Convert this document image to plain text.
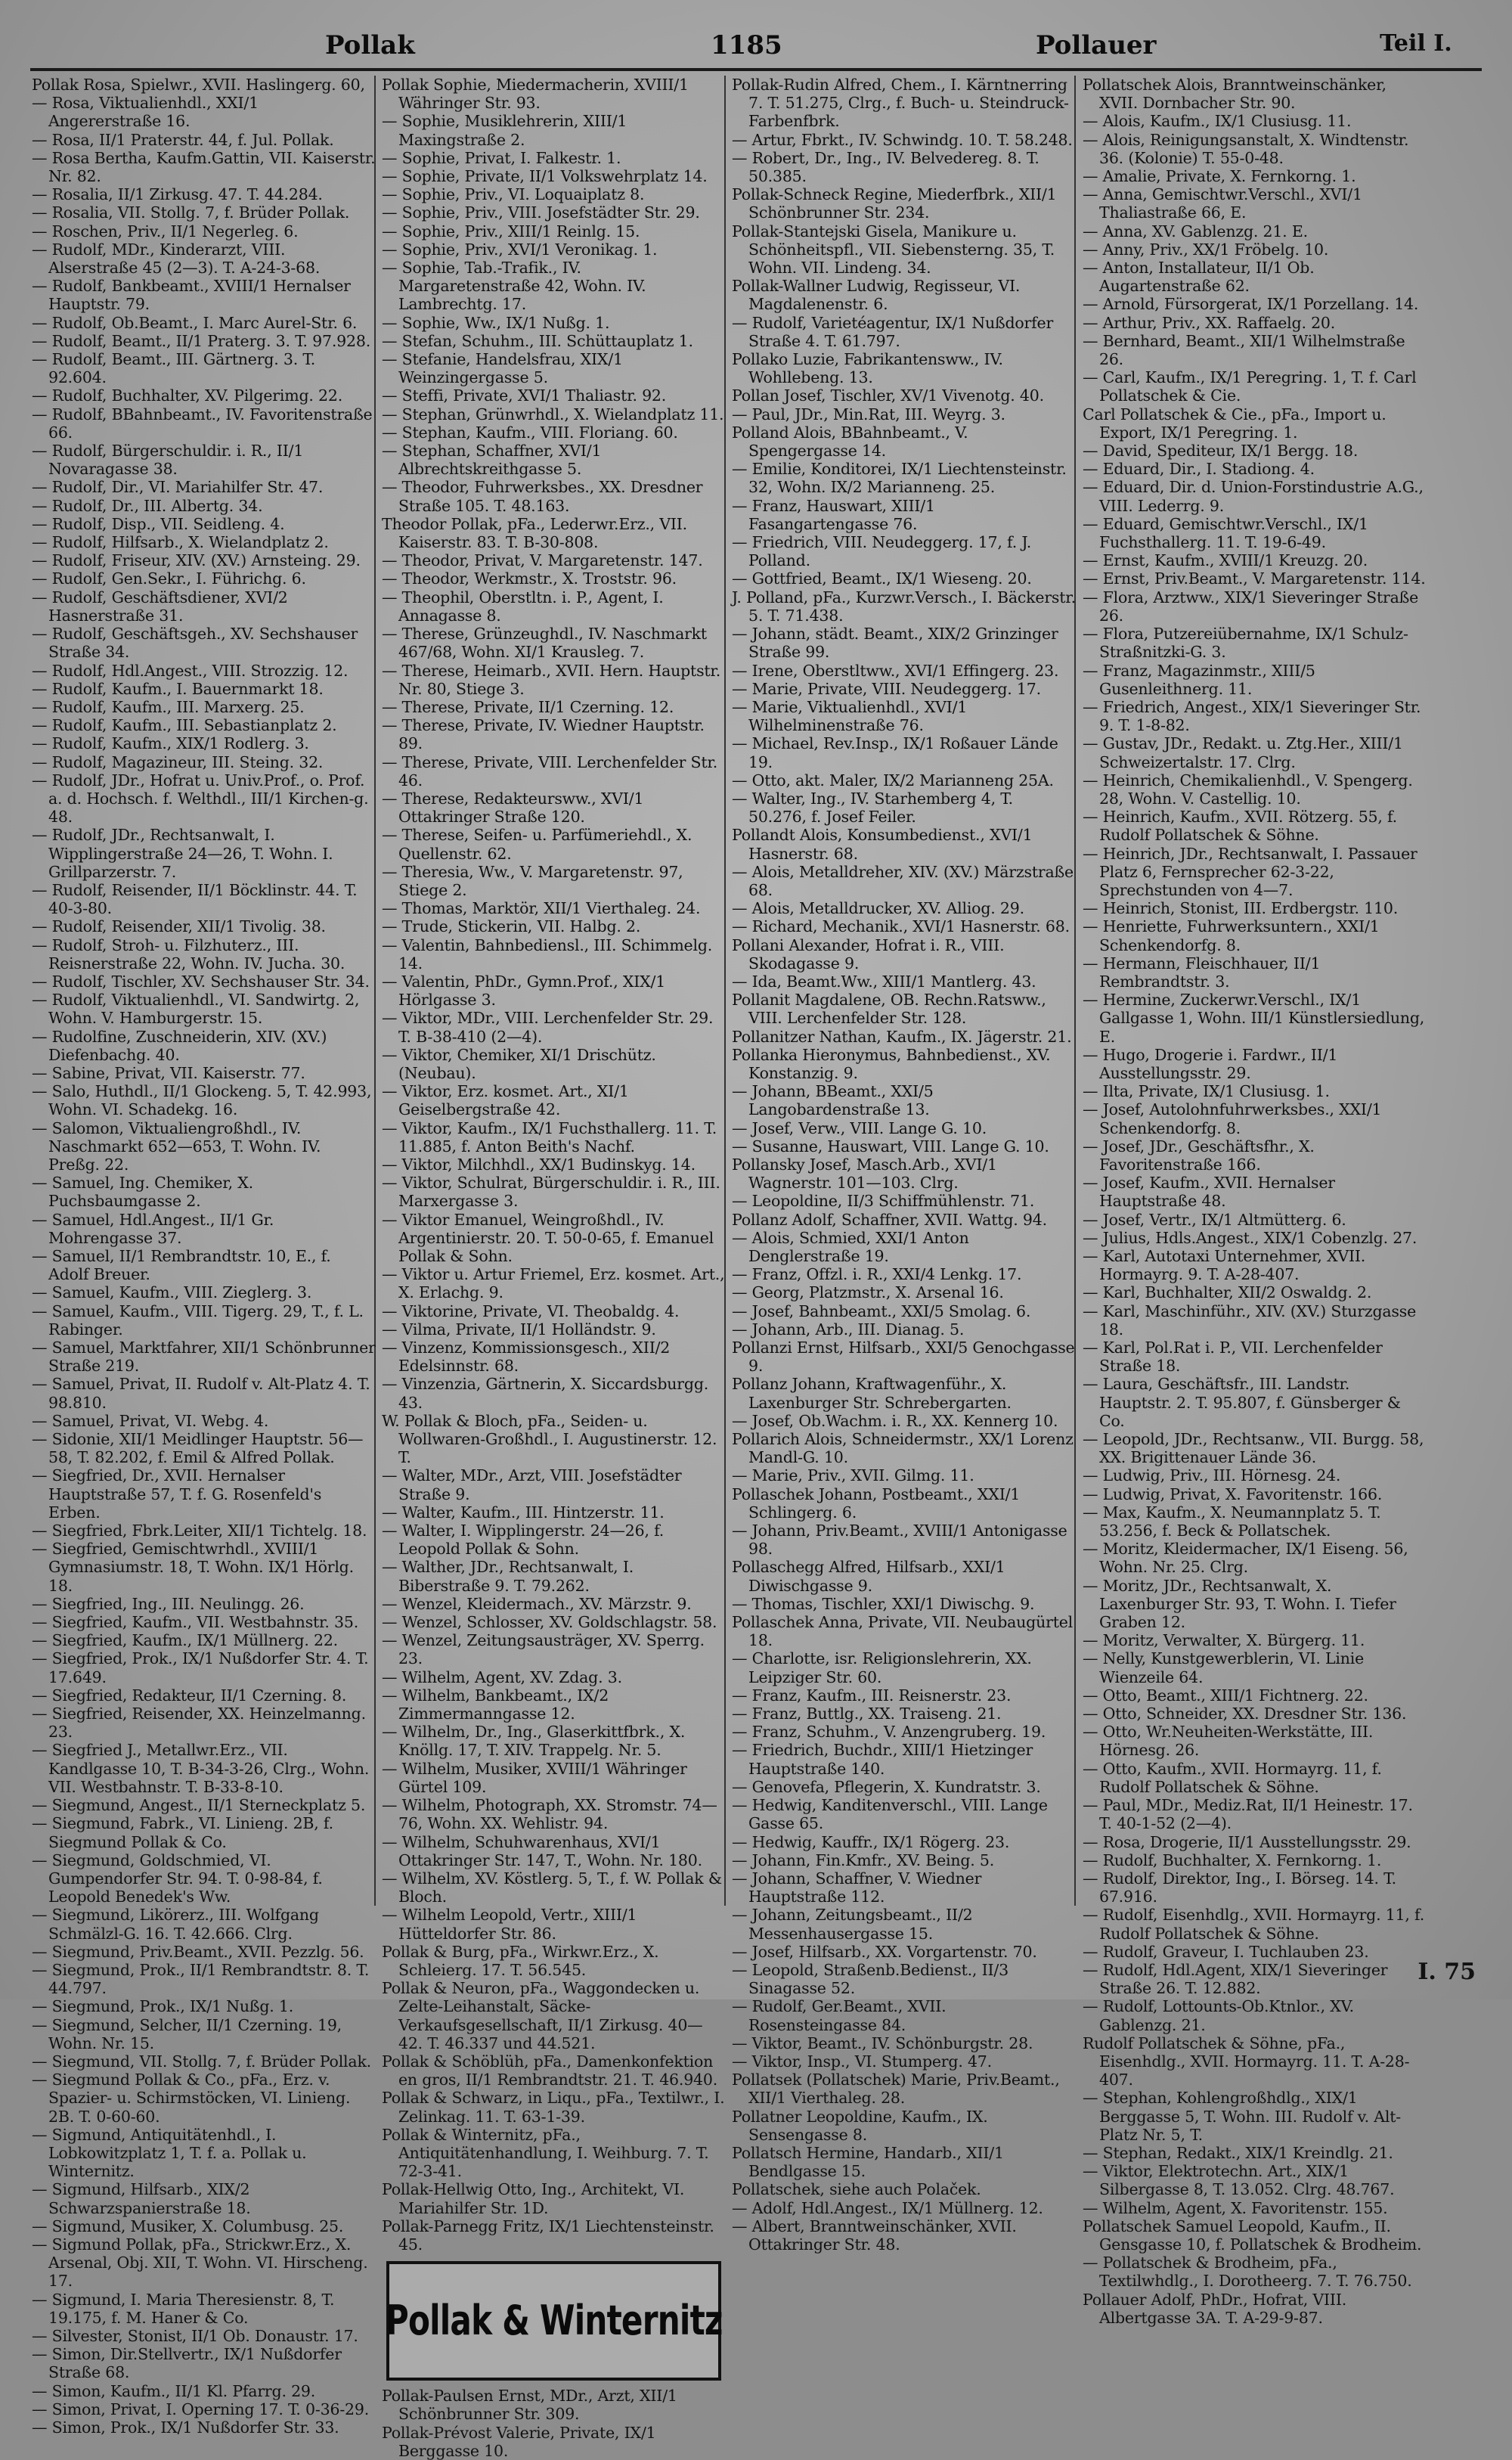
Pollak	1185	Pollauer	Teil I.

Pollak Rosa, Spielwr., XVII. Haslingerg. 60,

— Rosa, Viktualienhdl., XXI/1 Angererstraße 16.

— Rosa, II/1 Praterstr. 44, f. Jul. Pollak.

— Rosa Bertha, Kaufm.Gattin, VII. Kaiserstr. Nr. 82.

— Rosalia, II/1 Zirkusg. 47. T. 44.284.

— Rosalia, VII. Stollg. 7, f. Brüder Pollak.

— Roschen, Priv., II/1 Negerleg. 6.

— Rudolf, MDr., Kinderarzt, VIII. Alserstraße 45 (2—3). T. A-24-3-68.

— Rudolf, Bankbeamt., XVIII/1 Hernalser Hauptstr. 79.

— Rudolf, Ob.Beamt., I. Marc Aurel-Str. 6.

— Rudolf, Beamt., II/1 Praterg. 3. T. 97.928.

— Rudolf, Beamt., III. Gärtnerg. 3. T. 92.604.

— Rudolf, Buchhalter, XV. Pilgerimg. 22.

— Rudolf, BBahnbeamt., IV. Favoritenstraße 66.

— Rudolf, Bürgerschuldir. i. R., II/1 Novaragasse 38.

— Rudolf, Dir., VI. Mariahilfer Str. 47.

— Rudolf, Dr., III. Albertg. 34.

— Rudolf, Disp., VII. Seidleng. 4.

— Rudolf, Hilfsarb., X. Wielandplatz 2.

— Rudolf, Friseur, XIV. (XV.) Arnsteing. 29.

— Rudolf, Gen.Sekr., I. Führichg. 6.

— Rudolf, Geschäftsdiener, XVI/2 Hasnerstraße 31.

— Rudolf, Geschäftsgeh., XV. Sechshauser Straße 34.

— Rudolf, Hdl.Angest., VIII. Strozzig. 12.

— Rudolf, Kaufm., I. Bauernmarkt 18.

— Rudolf, Kaufm., III. Marxerg. 25.

— Rudolf, Kaufm., III. Sebastianplatz 2.

— Rudolf, Kaufm., XIX/1 Rodlerg. 3.

— Rudolf, Magazineur, III. Steing. 32.

— Rudolf, JDr., Hofrat u. Univ.Prof., o. Prof. a. d. Hochsch. f. Welthdl., III/1 Kirchen-g. 48.

— Rudolf, JDr., Rechtsanwalt, I. Wipplingerstraße 24—26, T. Wohn. I. Grillparzerstr. 7.

— Rudolf, Reisender, II/1 Böcklinstr. 44. T. 40-3-80.

— Rudolf, Reisender, XII/1 Tivolig. 38.

— Rudolf, Stroh- u. Filzhuterz., III. Reisnerstraße 22, Wohn. IV. Jucha. 30.

— Rudolf, Tischler, XV. Sechshauser Str. 34.

— Rudolf, Viktualienhdl., VI. Sandwirtg. 2, Wohn. V. Hamburgerstr. 15.

— Rudolfine, Zuschneiderin, XIV. (XV.) Diefenbachg. 40.

— Sabine, Privat, VII. Kaiserstr. 77.

— Salo, Huthdl., II/1 Glockeng. 5, T. 42.993, Wohn. VI. Schadekg. 16.

— Salomon, Viktualiengroßhdl., IV. Naschmarkt 652—653, T. Wohn. IV. Preßg. 22.

— Samuel, Ing. Chemiker, X. Puchsbaumgasse 2.

— Samuel, Hdl.Angest., II/1 Gr. Mohrengasse 37.

— Samuel, II/1 Rembrandtstr. 10, E., f. Adolf Breuer.

— Samuel, Kaufm., VIII. Zieglerg. 3.

— Samuel, Kaufm., VIII. Tigerg. 29, T., f. L. Rabinger.

— Samuel, Marktfahrer, XII/1 Schönbrunner Straße 219.

— Samuel, Privat, II. Rudolf v. Alt-Platz 4. T. 98.810.

— Samuel, Privat, VI. Webg. 4.

— Sidonie, XII/1 Meidlinger Hauptstr. 56—58, T. 82.202, f. Emil & Alfred Pollak.

— Siegfried, Dr., XVII. Hernalser Hauptstraße 57, T. f. G. Rosenfeld's Erben.

— Siegfried, Fbrk.Leiter, XII/1 Tichtelg. 18.

— Siegfried, Gemischtwrhdl., XVIII/1 Gymnasiumstr. 18, T. Wohn. IX/1 Hörlg. 18.

— Siegfried, Ing., III. Neulingg. 26.

— Siegfried, Kaufm., VII. Westbahnstr. 35.

— Siegfried, Kaufm., IX/1 Müllnerg. 22.

— Siegfried, Prok., IX/1 Nußdorfer Str. 4. T. 17.649.

— Siegfried, Redakteur, II/1 Czerning. 8.

— Siegfried, Reisender, XX. Heinzelmanng. 23.

— Siegfried J., Metallwr.Erz., VII. Kandlgasse 10, T. B-34-3-26, Clrg., Wohn. VII. Westbahnstr. T. B-33-8-10.

— Siegmund, Angest., II/1 Sterneckplatz 5.

— Siegmund, Fabrk., VI. Linieng. 2B, f. Siegmund Pollak & Co.

— Siegmund, Goldschmied, VI. Gumpendorfer Str. 94. T. 0-98-84, f. Leopold Benedek's Ww.

— Siegmund, Likörerz., III. Wolfgang Schmälzl-G. 16. T. 42.666. Clrg.

— Siegmund, Priv.Beamt., XVII. Pezzlg. 56.

— Siegmund, Prok., II/1 Rembrandtstr. 8. T. 44.797.

— Siegmund, Prok., IX/1 Nußg. 1.

— Siegmund, Selcher, II/1 Czerning. 19, Wohn. Nr. 15.

— Siegmund, VII. Stollg. 7, f. Brüder Pollak.

— Siegmund Pollak & Co., pFa., Erz. v. Spazier- u. Schirmstöcken, VI. Linieng. 2B. T. 0-60-60.

— Sigmund, Antiquitätenhdl., I. Lobkowitzplatz 1, T. f. a. Pollak u. Winternitz.

— Sigmund, Hilfsarb., XIX/2 Schwarzspanierstraße 18.

— Sigmund, Musiker, X. Columbusg. 25.

— Sigmund Pollak, pFa., Strickwr.Erz., X. Arsenal, Obj. XII, T. Wohn. VI. Hirscheng. 17.

— Sigmund, I. Maria Theresienstr. 8, T. 19.175, f. M. Haner & Co.

— Silvester, Stonist, II/1 Ob. Donaustr. 17.

— Simon, Dir.Stellvertr., IX/1 Nußdorfer Straße 68.

— Simon, Kaufm., II/1 Kl. Pfarrg. 29.

— Simon, Privat, I. Operning 17. T. 0-36-29.

— Simon, Prok., IX/1 Nußdorfer Str. 33.

Pollak Sophie, Miedermacherin, XVIII/1 Währinger Str. 93.

— Sophie, Musiklehrerin, XIII/1 Maxingstraße 2.

— Sophie, Privat, I. Falkestr. 1.

— Sophie, Private, II/1 Volkswehrplatz 14.

— Sophie, Priv., VI. Loquaiplatz 8.

— Sophie, Priv., VIII. Josefstädter Str. 29.

— Sophie, Priv., XIII/1 Reinlg. 15.

— Sophie, Priv., XVI/1 Veronikag. 1.

— Sophie, Tab.-Trafik., IV. Margaretenstraße 42, Wohn. IV. Lambrechtg. 17.

— Sophie, Ww., IX/1 Nußg. 1.

— Stefan, Schuhm., III. Schüttauplatz 1.

— Stefanie, Handelsfrau, XIX/1 Weinzingergasse 5.

— Steffi, Private, XVI/1 Thaliastr. 92.

— Stephan, Grünwrhdl., X. Wielandplatz 11.

— Stephan, Kaufm., VIII. Floriang. 60.

— Stephan, Schaffner, XVI/1 Albrechtskreithgasse 5.

— Theodor, Fuhrwerksbes., XX. Dresdner Straße 105. T. 48.163.

Theodor Pollak, pFa., Lederwr.Erz., VII. Kaiserstr. 83. T. B-30-808.

— Theodor, Privat, V. Margaretenstr. 147.

— Theodor, Werkmstr., X. Troststr. 96.

— Theophil, Oberstltn. i. P., Agent, I. Annagasse 8.

— Therese, Grünzeughdl., IV. Naschmarkt 467/68, Wohn. XI/1 Krausleg. 7.

— Therese, Heimarb., XVII. Hern. Hauptstr. Nr. 80, Stiege 3.

— Therese, Private, II/1 Czerning. 12.

— Therese, Private, IV. Wiedner Hauptstr. 89.

— Therese, Private, VIII. Lerchenfelder Str. 46.

— Therese, Redakteursww., XVI/1 Ottakringer Straße 120.

— Therese, Seifen- u. Parfümeriehdl., X. Quellenstr. 62.

— Theresia, Ww., V. Margaretenstr. 97, Stiege 2.

— Thomas, Marktör, XII/1 Vierthaleg. 24.

— Trude, Stickerin, VII. Halbg. 2.

— Valentin, Bahnbediensl., III. Schimmelg. 14.

— Valentin, PhDr., Gymn.Prof., XIX/1 Hörlgasse 3.

— Viktor, MDr., VIII. Lerchenfelder Str. 29. T. B-38-410 (2—4).

— Viktor, Chemiker, XI/1 Drischütz. (Neubau).

— Viktor, Erz. kosmet. Art., XI/1 Geiselbergstraße 42.

— Viktor, Kaufm., IX/1 Fuchsthallerg. 11. T. 11.885, f. Anton Beith's Nachf.

— Viktor, Milchhdl., XX/1 Budinskyg. 14.

— Viktor, Schulrat, Bürgerschuldir. i. R., III. Marxergasse 3.

— Viktor Emanuel, Weingroßhdl., IV. Argentinierstr. 20. T. 50-0-65, f. Emanuel Pollak & Sohn.

— Viktor u. Artur Friemel, Erz. kosmet. Art., X. Erlachg. 9.

— Viktorine, Private, VI. Theobaldg. 4.

— Vilma, Private, II/1 Holländstr. 9.

— Vinzenz, Kommissionsgesch., XII/2 Edelsinnstr. 68.

— Vinzenzia, Gärtnerin, X. Siccardsburgg. 43.

W. Pollak & Bloch, pFa., Seiden- u. Wollwaren-Großhdl., I. Augustinerstr. 12. T.

— Walter, MDr., Arzt, VIII. Josefstädter Straße 9.

— Walter, Kaufm., III. Hintzerstr. 11.

— Walter, I. Wipplingerstr. 24—26, f. Leopold Pollak & Sohn.

— Walther, JDr., Rechtsanwalt, I. Biberstraße 9. T. 79.262.

— Wenzel, Kleidermach., XV. Märzstr. 9.

— Wenzel, Schlosser, XV. Goldschlagstr. 58.

— Wenzel, Zeitungsausträger, XV. Sperrg. 23.

— Wilhelm, Agent, XV. Zdag. 3.

— Wilhelm, Bankbeamt., IX/2 Zimmermanngasse 12.

— Wilhelm, Dr., Ing., Glaserkittfbrk., X. Knöllg. 17, T. XIV. Trappelg. Nr. 5.

— Wilhelm, Musiker, XVIII/1 Währinger Gürtel 109.

— Wilhelm, Photograph, XX. Stromstr. 74—76, Wohn. XX. Wehlistr. 94.

— Wilhelm, Schuhwarenhaus, XVI/1 Ottakringer Str. 147, T., Wohn. Nr. 180.

— Wilhelm, XV. Köstlerg. 5, T., f. W. Pollak & Bloch.

— Wilhelm Leopold, Vertr., XIII/1 Hütteldorfer Str. 86.

Pollak & Burg, pFa., Wirkwr.Erz., X. Schleierg. 17. T. 56.545.

Pollak & Neuron, pFa., Waggondecken u. Zelte-Leihanstalt, Säcke-Verkaufsgesellschaft, II/1 Zirkusg. 40—42. T. 46.337 und 44.521.

Pollak & Schöblüh, pFa., Damenkonfektion en gros, II/1 Rembrandtstr. 21. T. 46.940.

Pollak & Schwarz, in Liqu., pFa., Textilwr., I. Zelinkag. 11. T. 63-1-39.

Pollak & Winternitz, pFa., Antiquitätenhandlung, I. Weihburg. 7. T. 72-3-41.

Pollak-Hellwig Otto, Ing., Architekt, VI. Mariahilfer Str. 1D.

Pollak-Parnegg Fritz, IX/1 Liechtensteinstr. 45.

Pollak & Winternitz

Pollak-Paulsen Ernst, MDr., Arzt, XII/1 Schönbrunner Str. 309.

Pollak-Prévost Valerie, Private, IX/1 Berggasse 10.

Pollak-Rudin Alfred, Chem., I. Kärntnerring 7. T. 51.275, Clrg., f. Buch- u. Steindruck-Farbenfbrk.

— Artur, Fbrkt., IV. Schwindg. 10. T. 58.248.

— Robert, Dr., Ing., IV. Belvedereg. 8. T. 50.385.

Pollak-Schneck Regine, Miederfbrk., XII/1 Schönbrunner Str. 234.

Pollak-Stantejski Gisela, Manikure u. Schönheitspfl., VII. Siebensterng. 35, T. Wohn. VII. Lindeng. 34.

Pollak-Wallner Ludwig, Regisseur, VI. Magdalenenstr. 6.

— Rudolf, Varietéagentur, IX/1 Nußdorfer Straße 4. T. 61.797.

Pollako Luzie, Fabrikantensww., IV. Wohllebeng. 13.

Pollan Josef, Tischler, XV/1 Vivenotg. 40.

— Paul, JDr., Min.Rat, III. Weyrg. 3.

Polland Alois, BBahnbeamt., V. Spengergasse 14.

— Emilie, Konditorei, IX/1 Liechtensteinstr. 32, Wohn. IX/2 Marianneng. 25.

— Franz, Hauswart, XIII/1 Fasangartengasse 76.

— Friedrich, VIII. Neudeggerg. 17, f. J. Polland.

— Gottfried, Beamt., IX/1 Wieseng. 20.

J. Polland, pFa., Kurzwr.Versch., I. Bäckerstr. 5. T. 71.438.

— Johann, städt. Beamt., XIX/2 Grinzinger Straße 99.

— Irene, Oberstltww., XVI/1 Effingerg. 23.

— Marie, Private, VIII. Neudeggerg. 17.

— Marie, Viktualienhdl., XVI/1 Wilhelminenstraße 76.

— Michael, Rev.Insp., IX/1 Roßauer Lände 19.

— Otto, akt. Maler, IX/2 Marianneng 25A.

— Walter, Ing., IV. Starhemberg 4, T. 50.276, f. Josef Feiler.

Pollandt Alois, Konsumbedienst., XVI/1 Hasnerstr. 68.

— Alois, Metalldreher, XIV. (XV.) Märzstraße 68.

— Alois, Metalldrucker, XV. Alliog. 29.

— Richard, Mechanik., XVI/1 Hasnerstr. 68.

Pollani Alexander, Hofrat i. R., VIII. Skodagasse 9.

— Ida, Beamt.Ww., XIII/1 Mantlerg. 43.

Pollanit Magdalene, OB. Rechn.Ratsww., VIII. Lerchenfelder Str. 128.

Pollanitzer Nathan, Kaufm., IX. Jägerstr. 21.

Pollanka Hieronymus, Bahnbedienst., XV. Konstanzig. 9.

— Johann, BBeamt., XXI/5 Langobardenstraße 13.

— Josef, Verw., VIII. Lange G. 10.

— Susanne, Hauswart, VIII. Lange G. 10.

Pollansky Josef, Masch.Arb., XVI/1 Wagnerstr. 101—103. Clrg.

— Leopoldine, II/3 Schiffmühlenstr. 71.

Pollanz Adolf, Schaffner, XVII. Wattg. 94.

— Alois, Schmied, XXI/1 Anton Denglerstraße 19.

— Franz, Offzl. i. R., XXI/4 Lenkg. 17.

— Georg, Platzmstr., X. Arsenal 16.

— Josef, Bahnbeamt., XXI/5 Smolag. 6.

— Johann, Arb., III. Dianag. 5.

Pollanzi Ernst, Hilfsarb., XXI/5 Genochgasse 9.

Pollanz Johann, Kraftwagenführ., X. Laxenburger Str. Schrebergarten.

— Josef, Ob.Wachm. i. R., XX. Kennerg 10.

Pollarich Alois, Schneidermstr., XX/1 Lorenz Mandl-G. 10.

— Marie, Priv., XVII. Gilmg. 11.

Pollaschek Johann, Postbeamt., XXI/1 Schlingerg. 6.

— Johann, Priv.Beamt., XVIII/1 Antonigasse 98.

Pollaschegg Alfred, Hilfsarb., XXI/1 Diwischgasse 9.

— Thomas, Tischler, XXI/1 Diwischg. 9.

Pollaschek Anna, Private, VII. Neubaugürtel 18.

— Charlotte, isr. Religionslehrerin, XX. Leipziger Str. 60.

— Franz, Kaufm., III. Reisnerstr. 23.

— Franz, Buttlg., XX. Traiseng. 21.

— Franz, Schuhm., V. Anzengruberg. 19.

— Friedrich, Buchdr., XIII/1 Hietzinger Hauptstraße 140.

— Genovefa, Pflegerin, X. Kundratstr. 3.

— Hedwig, Kanditenverschl., VIII. Lange Gasse 65.

— Hedwig, Kauffr., IX/1 Rögerg. 23.

— Johann, Fin.Kmfr., XV. Being. 5.

— Johann, Schaffner, V. Wiedner Hauptstraße 112.

— Johann, Zeitungsbeamt., II/2 Messenhausergasse 15.

— Josef, Hilfsarb., XX. Vorgartenstr. 70.

— Leopold, Straßenb.Bedienst., II/3 Sinagasse 52.

— Rudolf, Ger.Beamt., XVII. Rosensteingasse 84.

— Viktor, Beamt., IV. Schönburgstr. 28.

— Viktor, Insp., VI. Stumperg. 47.

Pollatsek (Pollatschek) Marie, Priv.Beamt., XII/1 Vierthaleg. 28.

Pollatner Leopoldine, Kaufm., IX. Sensengasse 8.

Pollatsch Hermine, Handarb., XII/1 Bendlgasse 15.

Pollatschek, siehe auch Polaček.

— Adolf, Hdl.Angest., IX/1 Müllnerg. 12.

— Albert, Branntweinschänker, XVII. Ottakringer Str. 48.

Pollatschek Alois, Branntweinschänker, XVII. Dornbacher Str. 90.

— Alois, Kaufm., IX/1 Clusiusg. 11.

— Alois, Reinigungsanstalt, X. Windtenstr. 36. (Kolonie) T. 55-0-48.

— Amalie, Private, X. Fernkorng. 1.

— Anna, Gemischtwr.Verschl., XVI/1 Thaliastraße 66, E.

— Anna, XV. Gablenzg. 21. E.

— Anny, Priv., XX/1 Fröbelg. 10.

— Anton, Installateur, II/1 Ob. Augartenstraße 62.

— Arnold, Fürsorgerat, IX/1 Porzellang. 14.

— Arthur, Priv., XX. Raffaelg. 20.

— Bernhard, Beamt., XII/1 Wilhelmstraße 26.

— Carl, Kaufm., IX/1 Peregring. 1, T. f. Carl Pollatschek & Cie.

Carl Pollatschek & Cie., pFa., Import u. Export, IX/1 Peregring. 1.

— David, Spediteur, IX/1 Bergg. 18.

— Eduard, Dir., I. Stadiong. 4.

— Eduard, Dir. d. Union-Forstindustrie A.G., VIII. Lederrg. 9.

— Eduard, Gemischtwr.Verschl., IX/1 Fuchsthallerg. 11. T. 19-6-49.

— Ernst, Kaufm., XVIII/1 Kreuzg. 20.

— Ernst, Priv.Beamt., V. Margaretenstr. 114.

— Flora, Arztww., XIX/1 Sieveringer Straße 26.

— Flora, Putzereiübernahme, IX/1 Schulz-Straßnitzki-G. 3.

— Franz, Magazinmstr., XIII/5 Gusenleithnerg. 11.

— Friedrich, Angest., XIX/1 Sieveringer Str. 9. T. 1-8-82.

— Gustav, JDr., Redakt. u. Ztg.Her., XIII/1 Schweizertalstr. 17. Clrg.

— Heinrich, Chemikalienhdl., V. Spengerg. 28, Wohn. V. Castellig. 10.

— Heinrich, Kaufm., XVII. Rötzerg. 55, f. Rudolf Pollatschek & Söhne.

— Heinrich, JDr., Rechtsanwalt, I. Passauer Platz 6, Fernsprecher 62-3-22, Sprechstunden von 4—7.

— Heinrich, Stonist, III. Erdbergstr. 110.

— Henriette, Fuhrwerksuntern., XXI/1 Schenkendorfg. 8.

— Hermann, Fleischhauer, II/1 Rembrandtstr. 3.

— Hermine, Zuckerwr.Verschl., IX/1 Gallgasse 1, Wohn. III/1 Künstlersiedlung, E.

— Hugo, Drogerie i. Fardwr., II/1 Ausstellungsstr. 29.

— Ilta, Private, IX/1 Clusiusg. 1.

— Josef, Autolohnfuhrwerksbes., XXI/1 Schenkendorfg. 8.

— Josef, JDr., Geschäftsfhr., X. Favoritenstraße 166.

— Josef, Kaufm., XVII. Hernalser Hauptstraße 48.

— Josef, Vertr., IX/1 Altmütterg. 6.

— Julius, Hdls.Angest., XIX/1 Cobenzlg. 27.

— Karl, Autotaxi Unternehmer, XVII. Hormayrg. 9. T. A-28-407.

— Karl, Buchhalter, XII/2 Oswaldg. 2.

— Karl, Maschinführ., XIV. (XV.) Sturzgasse 18.

— Karl, Pol.Rat i. P., VII. Lerchenfelder Straße 18.

— Laura, Geschäftsfr., III. Landstr. Hauptstr. 2. T. 95.807, f. Günsberger & Co.

— Leopold, JDr., Rechtsanw., VII. Burgg. 58, XX. Brigittenauer Lände 36.

— Ludwig, Priv., III. Hörnesg. 24.

— Ludwig, Privat, X. Favoritenstr. 166.

— Max, Kaufm., X. Neumannplatz 5. T. 53.256, f. Beck & Pollatschek.

— Moritz, Kleidermacher, IX/1 Eiseng. 56, Wohn. Nr. 25. Clrg.

— Moritz, JDr., Rechtsanwalt, X. Laxenburger Str. 93, T. Wohn. I. Tiefer Graben 12.

— Moritz, Verwalter, X. Bürgerg. 11.

— Nelly, Kunstgewerblerin, VI. Linie Wienzeile 64.

— Otto, Beamt., XIII/1 Fichtnerg. 22.

— Otto, Schneider, XX. Dresdner Str. 136.

— Otto, Wr.Neuheiten-Werkstätte, III. Hörnesg. 26.

— Otto, Kaufm., XVII. Hormayrg. 11, f. Rudolf Pollatschek & Söhne.

— Paul, MDr., Mediz.Rat, II/1 Heinestr. 17. T. 40-1-52 (2—4).

— Rosa, Drogerie, II/1 Ausstellungsstr. 29.

— Rudolf, Buchhalter, X. Fernkorng. 1.

— Rudolf, Direktor, Ing., I. Börseg. 14. T. 67.916.

— Rudolf, Eisenhdlg., XVII. Hormayrg. 11, f. Rudolf Pollatschek & Söhne.

— Rudolf, Graveur, I. Tuchlauben 23.

— Rudolf, Hdl.Agent, XIX/1 Sieveringer Straße 26. T. 12.882.

— Rudolf, Lottounts-Ob.Ktnlor., XV. Gablenzg. 21.

Rudolf Pollatschek & Söhne, pFa., Eisenhdlg., XVII. Hormayrg. 11. T. A-28-407.

— Stephan, Kohlengroßhdlg., XIX/1 Berggasse 5, T. Wohn. III. Rudolf v. Alt-Platz Nr. 5, T.

— Stephan, Redakt., XIX/1 Kreindlg. 21.

— Viktor, Elektrotechn. Art., XIX/1 Silbergasse 8, T. 13.052. Clrg. 48.767.

— Wilhelm, Agent, X. Favoritenstr. 155.

Pollatschek Samuel Leopold, Kaufm., II. Gensgasse 10, f. Pollatschek & Brodheim.

— Pollatschek & Brodheim, pFa., Textilwhdlg., I. Dorotheerg. 7. T. 76.750.

Pollauer Adolf, PhDr., Hofrat, VIII. Albertgasse 3A. T. A-29-9-87.

I. 75
